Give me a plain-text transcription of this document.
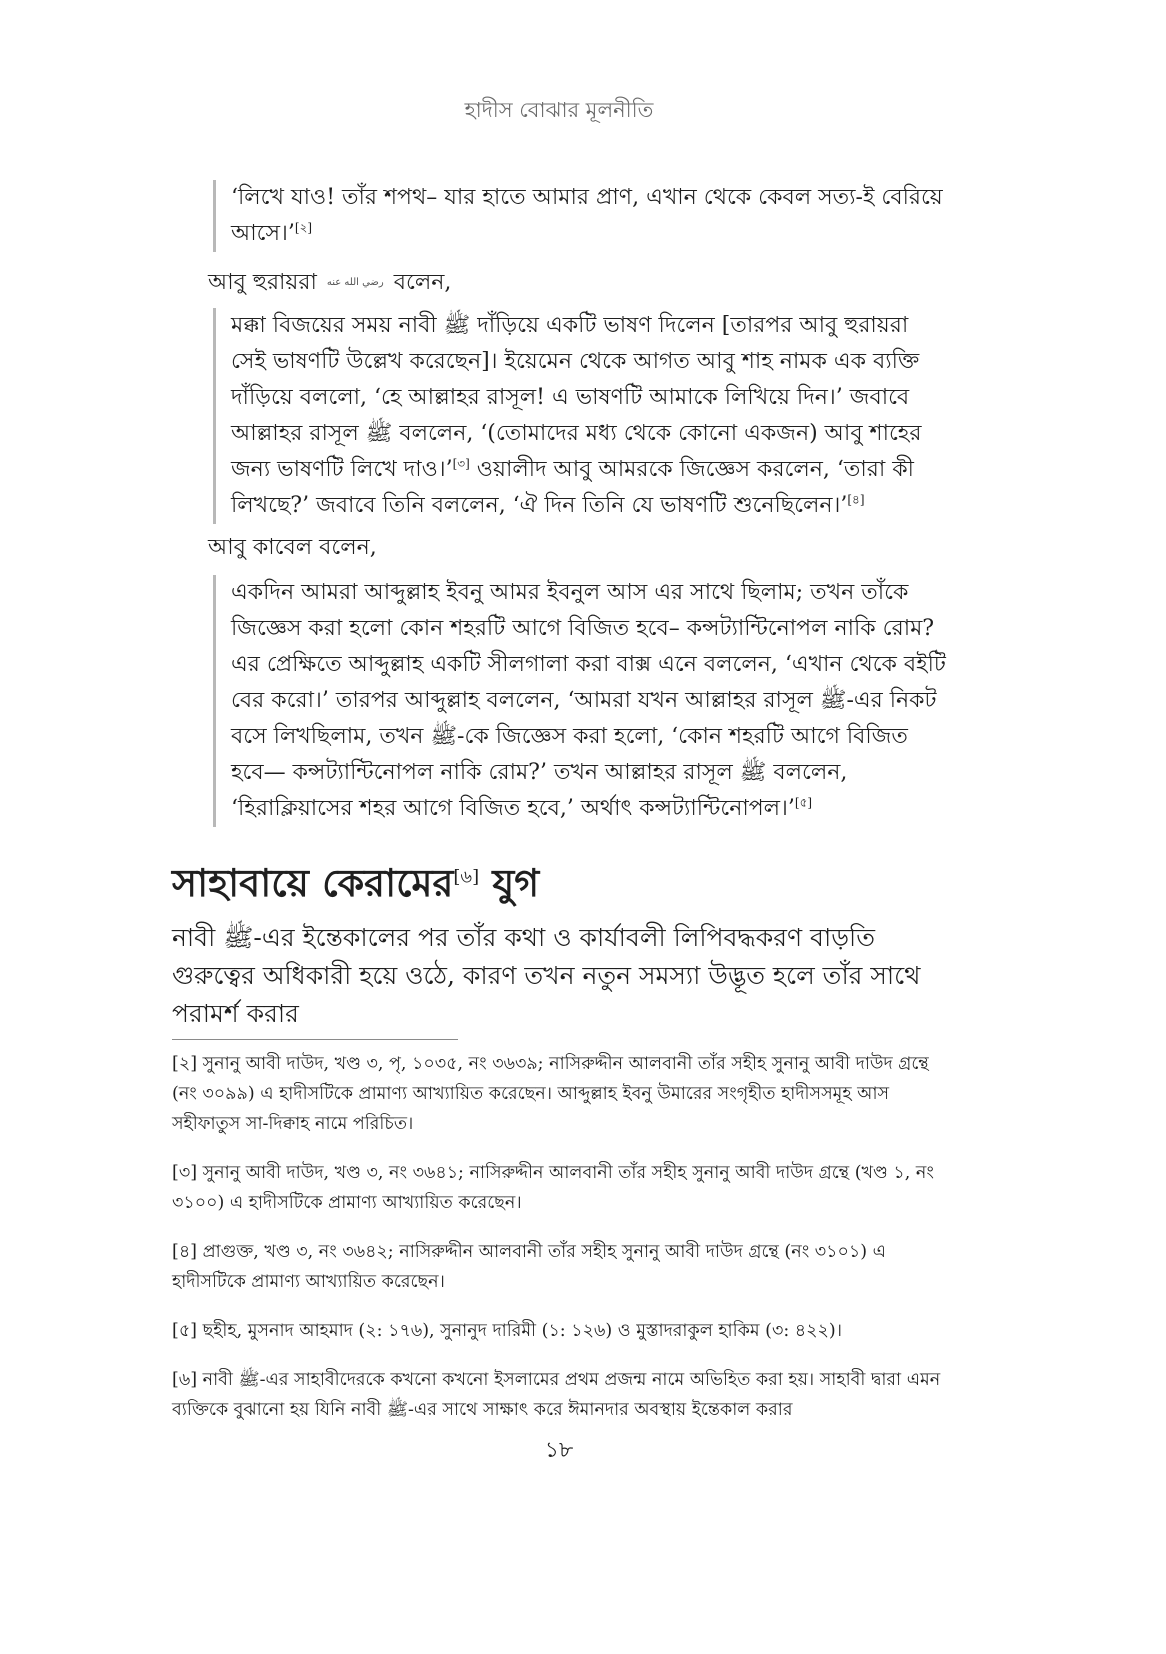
হাদীস বোঝার মূলনীতি

‘লিখে যাও! তাঁর শপথ– যার হাতে আমার প্রাণ, এখান থেকে কেবল সত্য-ই বেরিয়ে আসে।’[২]

আবু হুরায়রা رضي الله عنه বলেন,

মক্কা বিজয়ের সময় নাবী ﷺ দাঁড়িয়ে একটি ভাষণ দিলেন [তারপর আবু হুরায়রা সেই ভাষণটি উল্লেখ করেছেন]। ইয়েমেন থেকে আগত আবু শাহ নামক এক ব্যক্তি দাঁড়িয়ে বললো, ‘হে আল্লাহর রাসূল! এ ভাষণটি আমাকে লিখিয়ে দিন।’ জবাবে আল্লাহর রাসূল ﷺ বললেন, ‘(তোমাদের মধ্য থেকে কোনো একজন) আবু শাহের জন্য ভাষণটি লিখে দাও।’[৩] ওয়ালীদ আবু আমরকে জিজ্ঞেস করলেন, ‘তারা কী লিখছে?’ জবাবে তিনি বললেন, ‘ঐ দিন তিনি যে ভাষণটি শুনেছিলেন।’[৪]

আবু কাবেল বলেন,

একদিন আমরা আব্দুল্লাহ ইবনু আমর ইবনুল আস এর সাথে ছিলাম; তখন তাঁকে জিজ্ঞেস করা হলো কোন শহরটি আগে বিজিত হবে– কন্সট্যান্টিনোপল নাকি রোম? এর প্রেক্ষিতে আব্দুল্লাহ একটি সীলগালা করা বাক্স এনে বললেন, ‘এখান থেকে বইটি বের করো।’ তারপর আব্দুল্লাহ বললেন, ‘আমরা যখন আল্লাহর রাসূল ﷺ-এর নিকট বসে লিখছিলাম, তখন ﷺ-কে জিজ্ঞেস করা হলো, ‘কোন শহরটি আগে বিজিত হবে— কন্সট্যান্টিনোপল নাকি রোম?’ তখন আল্লাহর রাসূল ﷺ বললেন, ‘হিরাক্লিয়াসের শহর আগে বিজিত হবে,’ অর্থাৎ কন্সট্যান্টিনোপল।’[৫]

সাহাবায়ে কেরামের[৬] যুগ

নাবী ﷺ-এর ইন্তেকালের পর তাঁর কথা ও কার্যাবলী লিপিবদ্ধকরণ বাড়তি গুরুত্বের অধিকারী হয়ে ওঠে, কারণ তখন নতুন সমস্যা উদ্ভূত হলে তাঁর সাথে পরামর্শ করার

[২] সুনানু আবী দাউদ, খণ্ড ৩, পৃ, ১০৩৫, নং ৩৬৩৯; নাসিরুদ্দীন আলবানী তাঁর সহীহ সুনানু আবী দাউদ গ্রন্থে (নং ৩০৯৯) এ হাদীসটিকে প্রামাণ্য আখ্যায়িত করেছেন। আব্দুল্লাহ ইবনু উমারের সংগৃহীত হাদীসসমূহ আস সহীফাতুস সা-দিক্বাহ নামে পরিচিত।

[৩] সুনানু আবী দাউদ, খণ্ড ৩, নং ৩৬৪১; নাসিরুদ্দীন আলবানী তাঁর সহীহ সুনানু আবী দাউদ গ্রন্থে (খণ্ড ১, নং ৩১০০) এ হাদীসটিকে প্রামাণ্য আখ্যায়িত করেছেন।

[৪] প্রাগুক্ত, খণ্ড ৩, নং ৩৬৪২; নাসিরুদ্দীন আলবানী তাঁর সহীহ সুনানু আবী দাউদ গ্রন্থে (নং ৩১০১) এ হাদীসটিকে প্রামাণ্য আখ্যায়িত করেছেন।

[৫] ছহীহ, মুসনাদ আহমাদ (২: ১৭৬), সুনানুদ দারিমী (১: ১২৬) ও মুস্তাদরাকুল হাকিম (৩: ৪২২)।

[৬] নাবী ﷺ-এর সাহাবীদেরকে কখনো কখনো ইসলামের প্রথম প্রজন্ম নামে অভিহিত করা হয়। সাহাবী দ্বারা এমন ব্যক্তিকে বুঝানো হয় যিনি নাবী ﷺ-এর সাথে সাক্ষাৎ করে ঈমানদার অবস্থায় ইন্তেকাল করার

১৮
